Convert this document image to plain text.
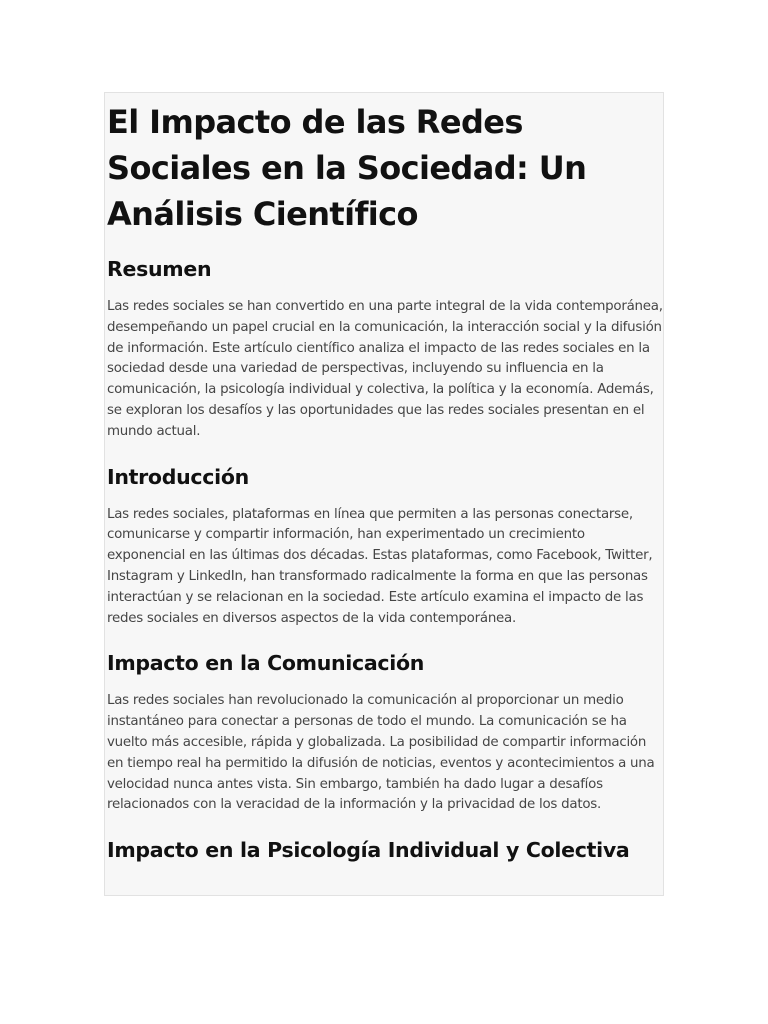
El Impacto de las Redes Sociales en la Sociedad: Un Análisis Científico
Resumen

Las redes sociales se han convertido en una parte integral de la vida contemporánea, desempeñando un papel crucial en la comunicación, la interacción social y la difusión de información. Este artículo científico analiza el impacto de las redes sociales en la sociedad desde una variedad de perspectivas, incluyendo su influencia en la comunicación, la psicología individual y colectiva, la política y la economía. Además, se exploran los desafíos y las oportunidades que las redes sociales presentan en el mundo actual.

Introducción

Las redes sociales, plataformas en línea que permiten a las personas conectarse, comunicarse y compartir información, han experimentado un crecimiento exponencial en las últimas dos décadas. Estas plataformas, como Facebook, Twitter, Instagram y LinkedIn, han transformado radicalmente la forma en que las personas interactúan y se relacionan en la sociedad. Este artículo examina el impacto de las redes sociales en diversos aspectos de la vida contemporánea.

Impacto en la Comunicación

Las redes sociales han revolucionado la comunicación al proporcionar un medio instantáneo para conectar a personas de todo el mundo. La comunicación se ha vuelto más accesible, rápida y globalizada. La posibilidad de compartir información en tiempo real ha permitido la difusión de noticias, eventos y acontecimientos a una velocidad nunca antes vista. Sin embargo, también ha dado lugar a desafíos relacionados con la veracidad de la información y la privacidad de los datos.

Impacto en la Psicología Individual y Colectiva
